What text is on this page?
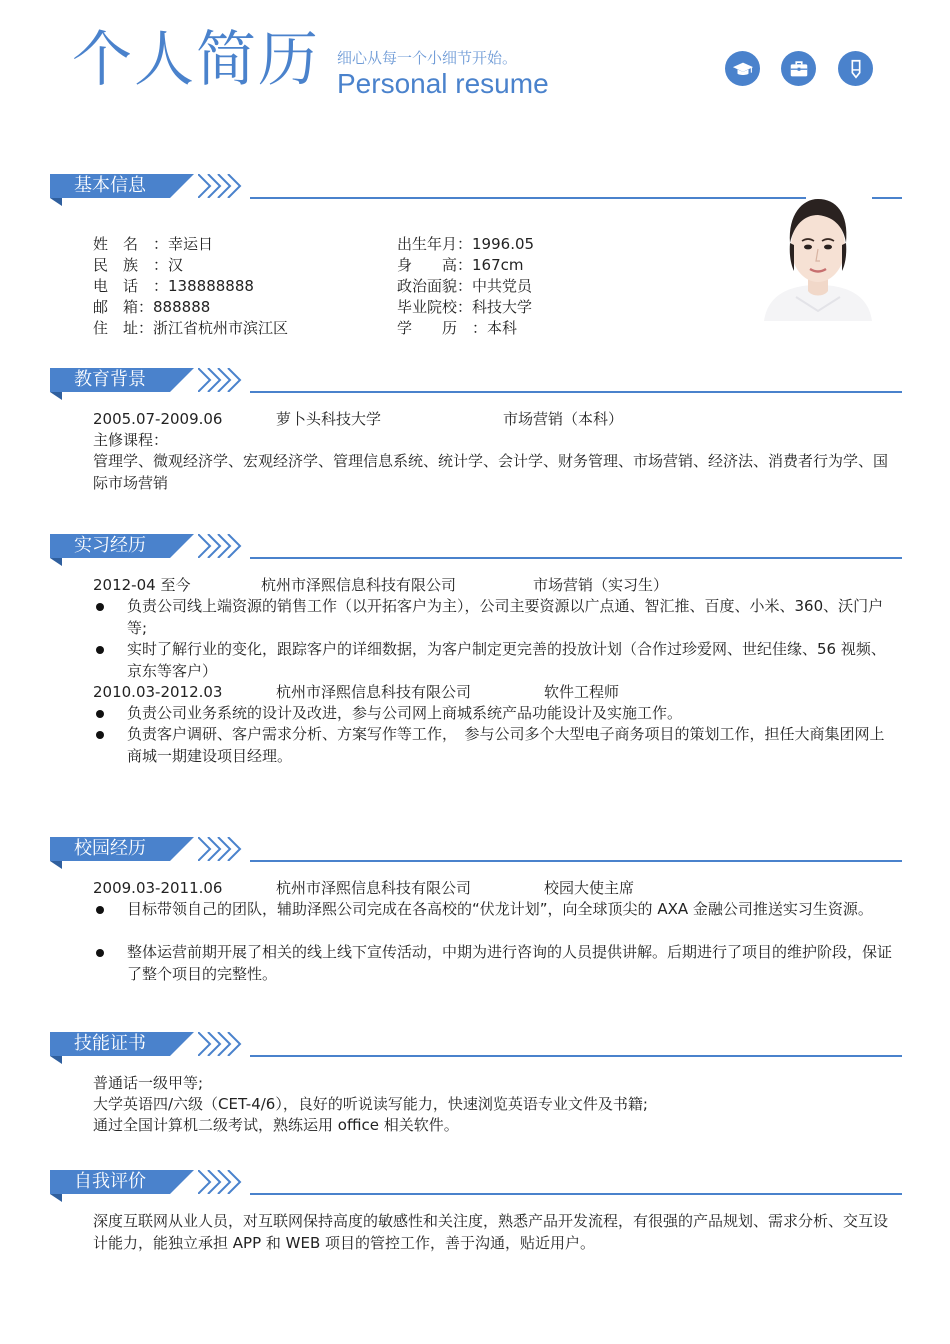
个人简历 细心从每一个小细节开始。
Personal resume
基本信息
姓　名　：幸运日
民　族　：汉
电　话　：138888888
邮　箱：888888
住　址：浙江省杭州市滨江区
出生年月：1996.05
身　　高：167cm
政治面貌：中共党员
毕业院校：科技大学
学　　历　：本科
教育背景
2005.07-2009.06	萝卜头科技大学	市场营销（本科）
主修课程：
管理学、微观经济学、宏观经济学、管理信息系统、统计学、会计学、财务管理、市场营销、经济法、消费者行为学、国际市场营销
实习经历
2012-04 至今	杭州市泽熙信息科技有限公司	市场营销（实习生）
负责公司线上端资源的销售工作（以开拓客户为主），公司主要资源以广点通、智汇推、百度、小米、360、沃门户等;
实时了解行业的变化，跟踪客户的详细数据，为客户制定更完善的投放计划（合作过珍爱网、世纪佳缘、56 视频、京东等客户）
2010.03-2012.03	杭州市泽熙信息科技有限公司	软件工程师
负责公司业务系统的设计及改进，参与公司网上商城系统产品功能设计及实施工作。
负责客户调研、客户需求分析、方案写作等工作，　参与公司多个大型电子商务项目的策划工作，担任大商集团网上商城一期建设项目经理。
校园经历
2009.03-2011.06	杭州市泽熙信息科技有限公司	校园大使主席
目标带领自己的团队，辅助泽熙公司完成在各高校的“伏龙计划”，向全球顶尖的 AXA 金融公司推送实习生资源。
整体运营前期开展了相关的线上线下宣传活动，中期为进行咨询的人员提供讲解。后期进行了项目的维护阶段，保证了整个项目的完整性。
技能证书
普通话一级甲等;
大学英语四/六级（CET-4/6），良好的听说读写能力，快速浏览英语专业文件及书籍;
通过全国计算机二级考试，熟练运用 office 相关软件。
自我评价
深度互联网从业人员，对互联网保持高度的敏感性和关注度，熟悉产品开发流程，有很强的产品规划、需求分析、交互设计能力，能独立承担 APP 和 WEB 项目的管控工作，善于沟通，贴近用户。
